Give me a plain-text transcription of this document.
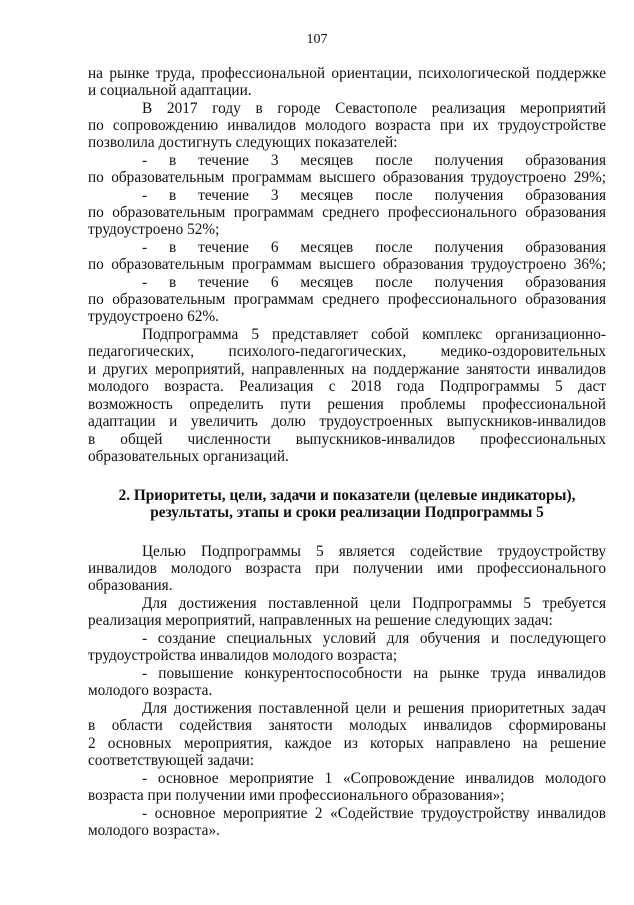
107
на рынке труда, профессиональной ориентации, психологической поддержке
и социальной адаптации.
В 2017 году в городе Севастополе реализация мероприятий
по сопровождению инвалидов молодого возраста при их трудоустройстве
позволила достигнуть следующих показателей:
- в течение 3 месяцев после получения образования
по образовательным программам высшего образования трудоустроено 29%;
- в течение 3 месяцев после получения образования
по образовательным программам среднего профессионального образования
трудоустроено 52%;
- в течение 6 месяцев после получения образования
по образовательным программам высшего образования трудоустроено 36%;
- в течение 6 месяцев после получения образования
по образовательным программам среднего профессионального образования
трудоустроено 62%.
Подпрограмма 5 представляет собой комплекс организационно-
педагогических, психолого-педагогических, медико-оздоровительных
и других мероприятий, направленных на поддержание занятости инвалидов
молодого возраста. Реализация с 2018 года Подпрограммы 5 даст
возможность определить пути решения проблемы профессиональной
адаптации и увеличить долю трудоустроенных выпускников-инвалидов
в общей численности выпускников-инвалидов профессиональных
образовательных организаций.
2. Приоритеты, цели, задачи и показатели (целевые индикаторы),
результаты, этапы и сроки реализации Подпрограммы 5
Целью Подпрограммы 5 является содействие трудоустройству
инвалидов молодого возраста при получении ими профессионального
образования.
Для достижения поставленной цели Подпрограммы 5 требуется
реализация мероприятий, направленных на решение следующих задач:
- создание специальных условий для обучения и последующего
трудоустройства инвалидов молодого возраста;
- повышение конкурентоспособности на рынке труда инвалидов
молодого возраста.
Для достижения поставленной цели и решения приоритетных задач
в области содействия занятости молодых инвалидов сформированы
2 основных мероприятия, каждое из которых направлено на решение
соответствующей задачи:
- основное мероприятие 1 «Сопровождение инвалидов молодого
возраста при получении ими профессионального образования»;
- основное мероприятие 2 «Содействие трудоустройству инвалидов
молодого возраста».
